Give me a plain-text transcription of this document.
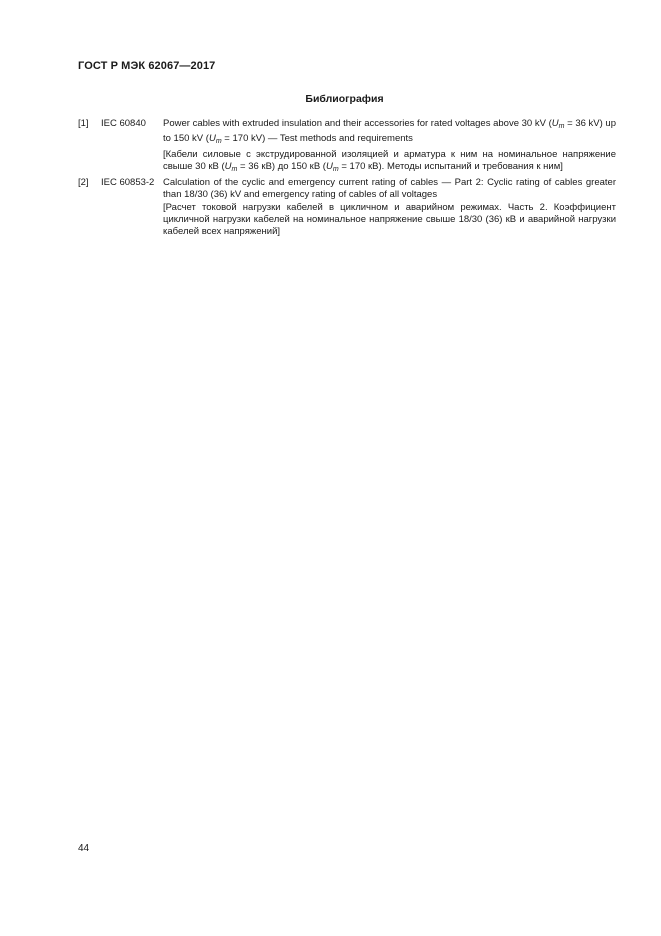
ГОСТ Р МЭК 62067—2017
Библиография
[1]	IEC 60840	Power cables with extruded insulation and their accessories for rated voltages above 30 kV ($U_m = 36$ kV) up to 150 kV ($U_m = 170$ kV) — Test methods and requirements

[Кабели силовые с экструдированной изоляцией и арматура к ним на номинальное напряжение свыше 30 кВ ($U_m = 36$ кВ) до 150 кВ ($U_m = 170$ кВ). Методы испытаний и требования к ним]

[2]	IEC 60853-2 Calculation of the cyclic and emergency current rating of cables — Part 2: Cyclic rating of cables greater than 18/30 (36) kV and emergency rating of cables of all voltages

[Расчет токовой нагрузки кабелей в цикличном и аварийном режимах. Часть 2. Коэффициент цикличной нагрузки кабелей на номинальное напряжение свыше 18/30 (36) кВ и аварийной нагрузки кабелей всех напряжений]

44
